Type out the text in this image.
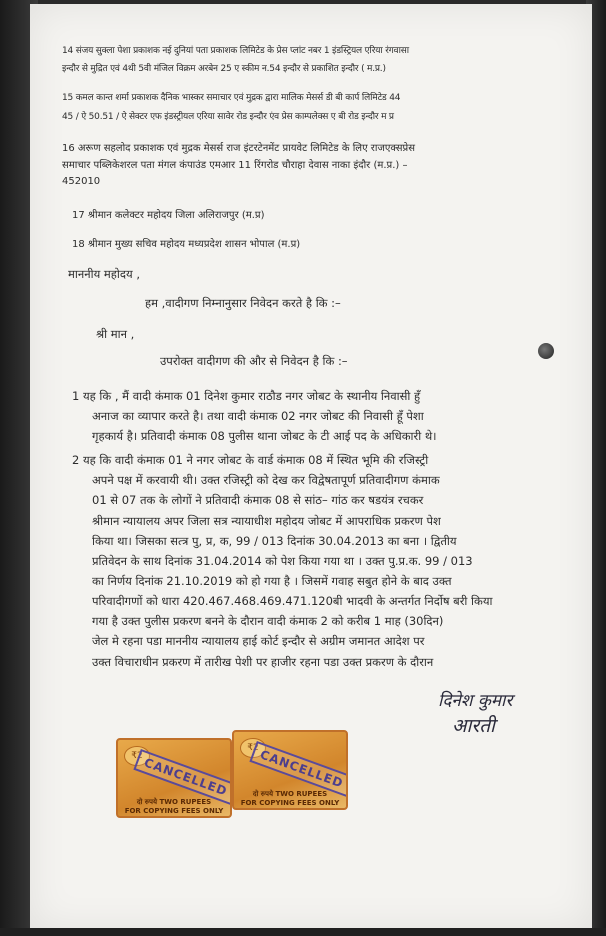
14 संजय सुक्ला पेशा प्रकाशक नई दुनियां पता प्रकाशक लिमिटेड के प्रेस प्लांट नबर 1 इंडस्ट्रियल एरिया रंगवासा
इन्दौर से मुद्रित एवं 4थी 5वी मंजिल विक्रम अरबेन 25 ए स्कीम न.54 इन्दौर से प्रकाशित इन्दौर ( म.प्र.)
15 कमल कान्त शर्मा प्रकाशक दैनिक भास्कर समाचार एवं मुद्रक द्वारा मालिक मेसर्स डी बी कार्प लिमिटेड 44
45 / ऐ 50.51 / ऐ सेक्टर एफ इंडस्ट्रीयल एरिया सावेर रोड इन्दौर एंव प्रेस काम्पलेक्स ए बी रोड इन्दौर म प्र
16 अरूण सहलोद प्रकाशक एवं मुद्रक मेसर्स राज इंटरटेनमेंट प्रायवेट लिमिटेड के लिए राजएक्सप्रेस
समाचार पब्लिकेशरल पता मंगल कंपाउंड एमआर 11 रिंगरोड चौराहा देवास नाका इंदौर (म.प्र.) –
452010
17 श्रीमान कलेक्टर महोदय जिला अलिराजपुर (म.प्र)
18 श्रीमान मुख्य सचिव महोदय मध्यप्रदेश शासन भोपाल (म.प्र)
माननीय महोदय ,
हम ,वादीगण निम्नानुसार निवेदन करते है कि :–
श्री मान ,
उपरोक्त वादीगण की और से निवेदन है कि :–
1 यह कि , मैं वादी कंमाक 01 दिनेश कुमार राठौड नगर जोबट के स्थानीय निवासी हुँ
अनाज का व्यापार करते है। तथा वादी कंमाक 02 नगर जोबट की निवासी हूँ पेशा
गृहकार्य है। प्रतिवादी कंमाक 08 पुलीस थाना जोबट के टी आई पद के अधिकारी थे।
2 यह कि वादी कंमाक 01 ने नगर जोबट के वार्ड कंमाक 08 में स्थित भूमि की रजिस्ट्री
अपने पक्ष में करवायी थी। उक्त रजिस्ट्री को देख कर विद्वेषतापूर्ण प्रतिवादीगण कंमाक
01 से 07 तक के लोगों ने प्रतिवादी कंमाक 08 से सांठ– गांठ कर षडयंत्र रचकर
श्रीमान न्यायालय अपर जिला सत्र न्यायाधीश महोदय जोबट में आपराधिक प्रकरण पेश
किया था। जिसका सत्त्र पु, प्र, क, 99 / 013 दिनांक 30.04.2013 का बना । द्वितीय
प्रतिवेदन के साथ दिनांक 31.04.2014 को पेश किया गया था । उक्त पु.प्र.क. 99 / 013
का निर्णय दिनांक 21.10.2019 को हो गया है । जिसमें गवाह सबुत होने के बाद उक्त
परिवादीगणों को धारा 420.467.468.469.471.120बी भादवी के अन्तर्गत निर्दोष बरी किया
गया है उक्त पुलीस प्रकरण बनने के दौरान वादी कंमाक 2 को करीब 1 माह (30दिन)
जेल मे रहना पडा माननीय न्यायालय हाई कोर्ट इन्दौर से अग्रीम जमानत आदेश पर
उक्त विचाराधीन प्रकरण में तारीख पेशी पर हाजीर रहना पडा उक्त प्रकरण के दौरान
दिनेश कुमार
आरती
₹2 CANCELLED
दो रुपये TWO RUPEES
FOR COPYING FEES ONLY
₹2 CANCELLED
दो रुपये TWO RUPEES
FOR COPYING FEES ONLY
